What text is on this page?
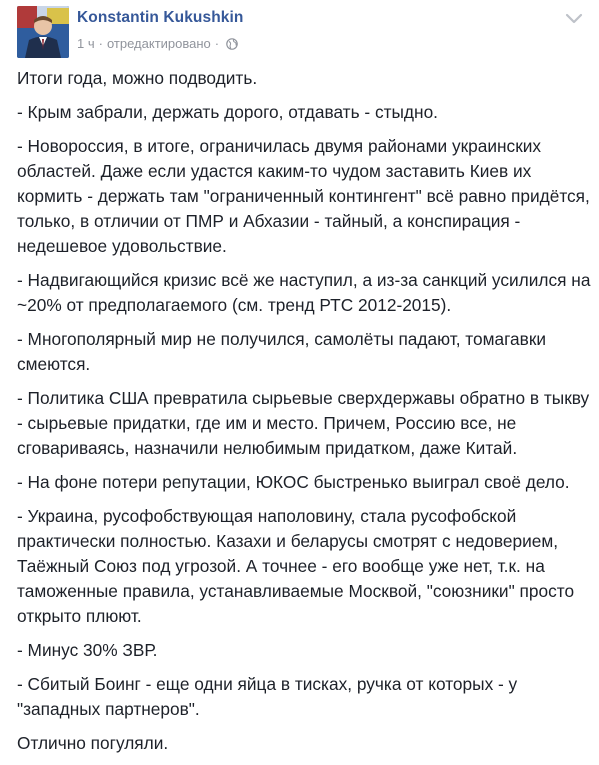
Konstantin Kukushkin
1 ч · отредактировано ·

Итоги года, можно подводить.

- Крым забрали, держать дорого, отдавать - стыдно.

- Новороссия, в итоге, ограничилась двумя районами украинских областей. Даже если удастся каким-то чудом заставить Киев их кормить - держать там "ограниченный контингент" всё равно придётся, только, в отличии от ПМР и Абхазии - тайный, а конспирация - недешевое удовольствие.

- Надвигающийся кризис всё же наступил, а из-за санкций усилился на ~20% от предполагаемого (см. тренд РТС 2012-2015).

- Многополярный мир не получился, самолёты падают, томагавки смеются.

- Политика США превратила сырьевые сверхдержавы обратно в тыкву - сырьевые придатки, где им и место. Причем, Россию все, не сговариваясь, назначили нелюбимым придатком, даже Китай.

- На фоне потери репутации, ЮКОС быстренько выиграл своё дело.

- Украина, русофобствующая наполовину, стала русофобской практически полностью. Казахи и беларусы смотрят с недоверием, Таёжный Союз под угрозой. А точнее - его вообще уже нет, т.к. на таможенные правила, устанавливаемые Москвой, "союзники" просто открыто плюют.

- Минус 30% ЗВР.

- Сбитый Боинг - еще одни яйца в тисках, ручка от которых - у "западных партнеров".

Отлично погуляли.
